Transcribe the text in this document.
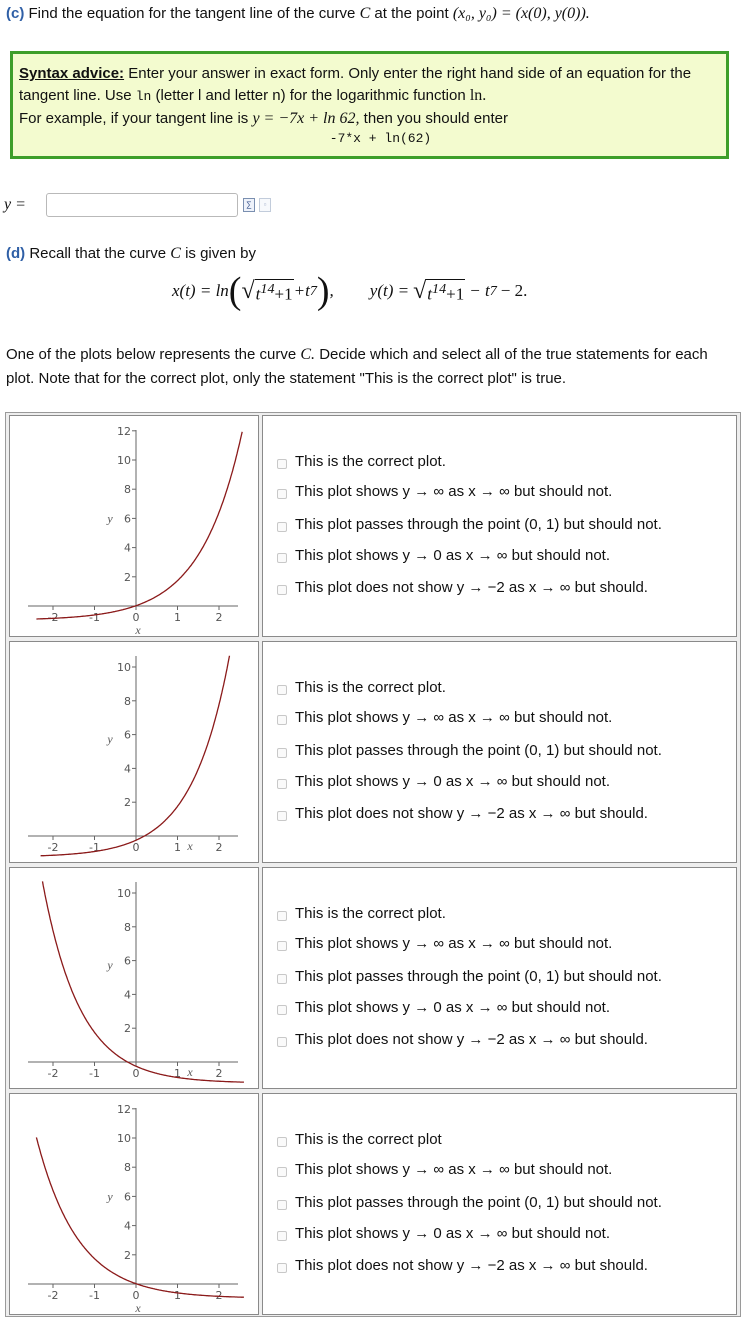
(c) Find the equation for the tangent line of the curve C at the point (x₀, y₀) = (x(0), y(0)).
Syntax advice: Enter your answer in exact form. Only enter the right hand side of an equation for the tangent line. Use ln (letter l and letter n) for the logarithmic function ln.
For example, if your tangent line is y = −7x + ln 62, then you should enter
-7*x + ln(62)
y =	∑	▫
(d) Recall that the curve C is given by
x(t) = ln ( √ $t^{14}+1 +t$ 7 ) , y(t) = √ $t^{14}+1 - t$ 7 − 2.
One of the plots below represents the curve C. Decide which and select all of the true statements for each plot. Note that for the correct plot, only the statement "This is the correct plot" is true.
-2	-1	0	1	2
2
4
6
8
10
12
x
y
This is the correct plot.
This plot shows y → ∞ as x → ∞ but should not.
This plot passes through the point (0, 1) but should not.
This plot shows y → 0 as x → ∞ but should not.
This plot does not show y → −2 as x → ∞ but should.
-2	-1	0	1	2
2
4
6
8
10
x
y
This is the correct plot.
This plot shows y → ∞ as x → ∞ but should not.
This plot passes through the point (0, 1) but should not.
This plot shows y → 0 as x → ∞ but should not.
This plot does not show y → −2 as x → ∞ but should.
-2	-1	0	1	2
2
4
6
8
10
x
y
This is the correct plot.
This plot shows y → ∞ as x → ∞ but should not.
This plot passes through the point (0, 1) but should not.
This plot shows y → 0 as x → ∞ but should not.
This plot does not show y → −2 as x → ∞ but should.
-2	-1	0	1	2
2
4
6
8
10
12
x
y
This is the correct plot
This plot shows y → ∞ as x → ∞ but should not.
This plot passes through the point (0, 1) but should not.
This plot shows y → 0 as x → ∞ but should not.
This plot does not show y → −2 as x → ∞ but should.
